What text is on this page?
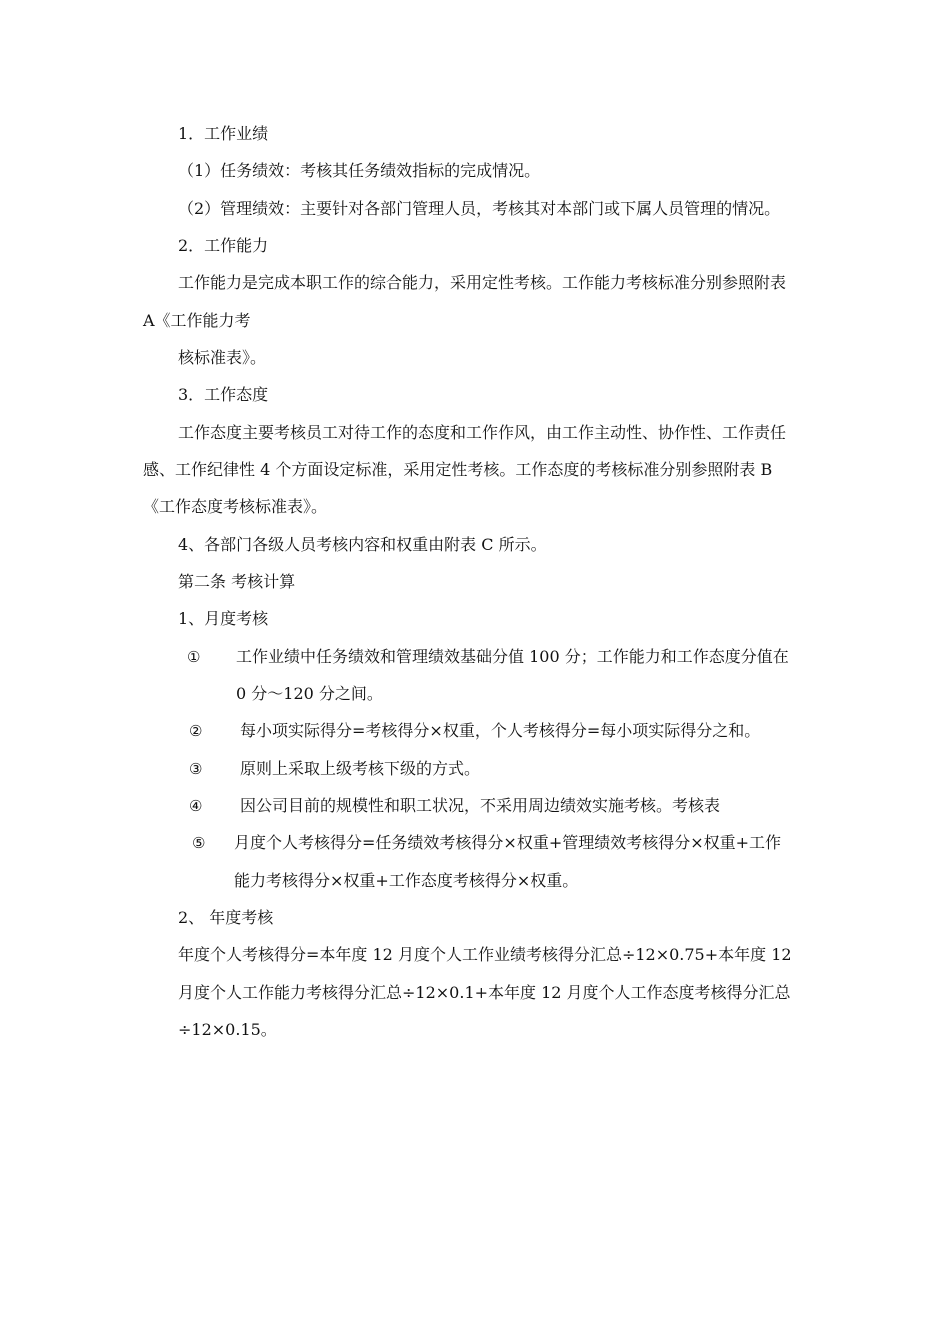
1．工作业绩
（1）任务绩效：考核其任务绩效指标的完成情况。
（2）管理绩效：主要针对各部门管理人员，考核其对本部门或下属人员管理的情况。
2．工作能力
工作能力是完成本职工作的综合能力，采用定性考核。工作能力考核标准分别参照附表
A《工作能力考
核标准表》。
3．工作态度
工作态度主要考核员工对待工作的态度和工作作风，由工作主动性、协作性、工作责任
感、工作纪律性 4 个方面设定标准，采用定性考核。工作态度的考核标准分别参照附表 B
《工作态度考核标准表》。
4、各部门各级人员考核内容和权重由附表 C 所示。
第二条 考核计算
1、月度考核
① 工作业绩中任务绩效和管理绩效基础分值 100 分；工作能力和工作态度分值在
0 分～120 分之间。
② 每小项实际得分=考核得分×权重，个人考核得分=每小项实际得分之和。
③ 原则上采取上级考核下级的方式。
④ 因公司目前的规模性和职工状况，不采用周边绩效实施考核。考核表
⑤ 月度个人考核得分=任务绩效考核得分×权重+管理绩效考核得分×权重+工作
能力考核得分×权重+工作态度考核得分×权重。
2、 年度考核
年度个人考核得分=本年度 12 月度个人工作业绩考核得分汇总÷12×0.75+本年度 12
月度个人工作能力考核得分汇总÷12×0.1+本年度 12 月度个人工作态度考核得分汇总
÷12×0.15。
